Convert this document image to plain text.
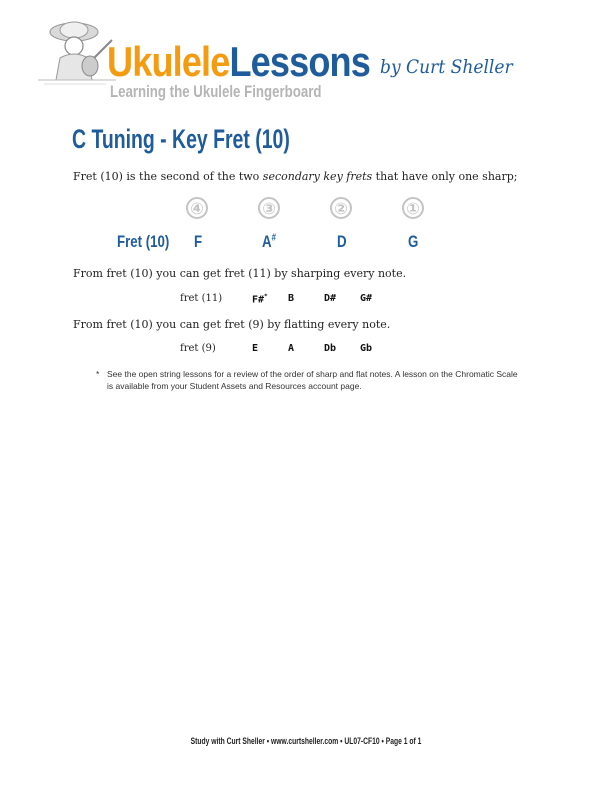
UkuleleLessons by Curt Sheller
Learning the Ukulele Fingerboard
C Tuning - Key Fret (10)
Fret (10) is the second of the two secondary key frets that have only one sharp;
④	③	②	①
Fret (10) F	A#	D	G
From fret (10) you can get fret (11) by sharping every note.
fret (11)	F#* B	D# G#
From fret (10) you can get fret (9) by flatting every note.
fret (9)	E	A	Db Gb
* See the open string lessons for a review of the order of sharp and flat notes. A lesson on the Chromatic Scale is available from your Student Assets and Resources account page.
Study with Curt Sheller • www.curtsheller.com • UL07-CF10 • Page 1 of 1
